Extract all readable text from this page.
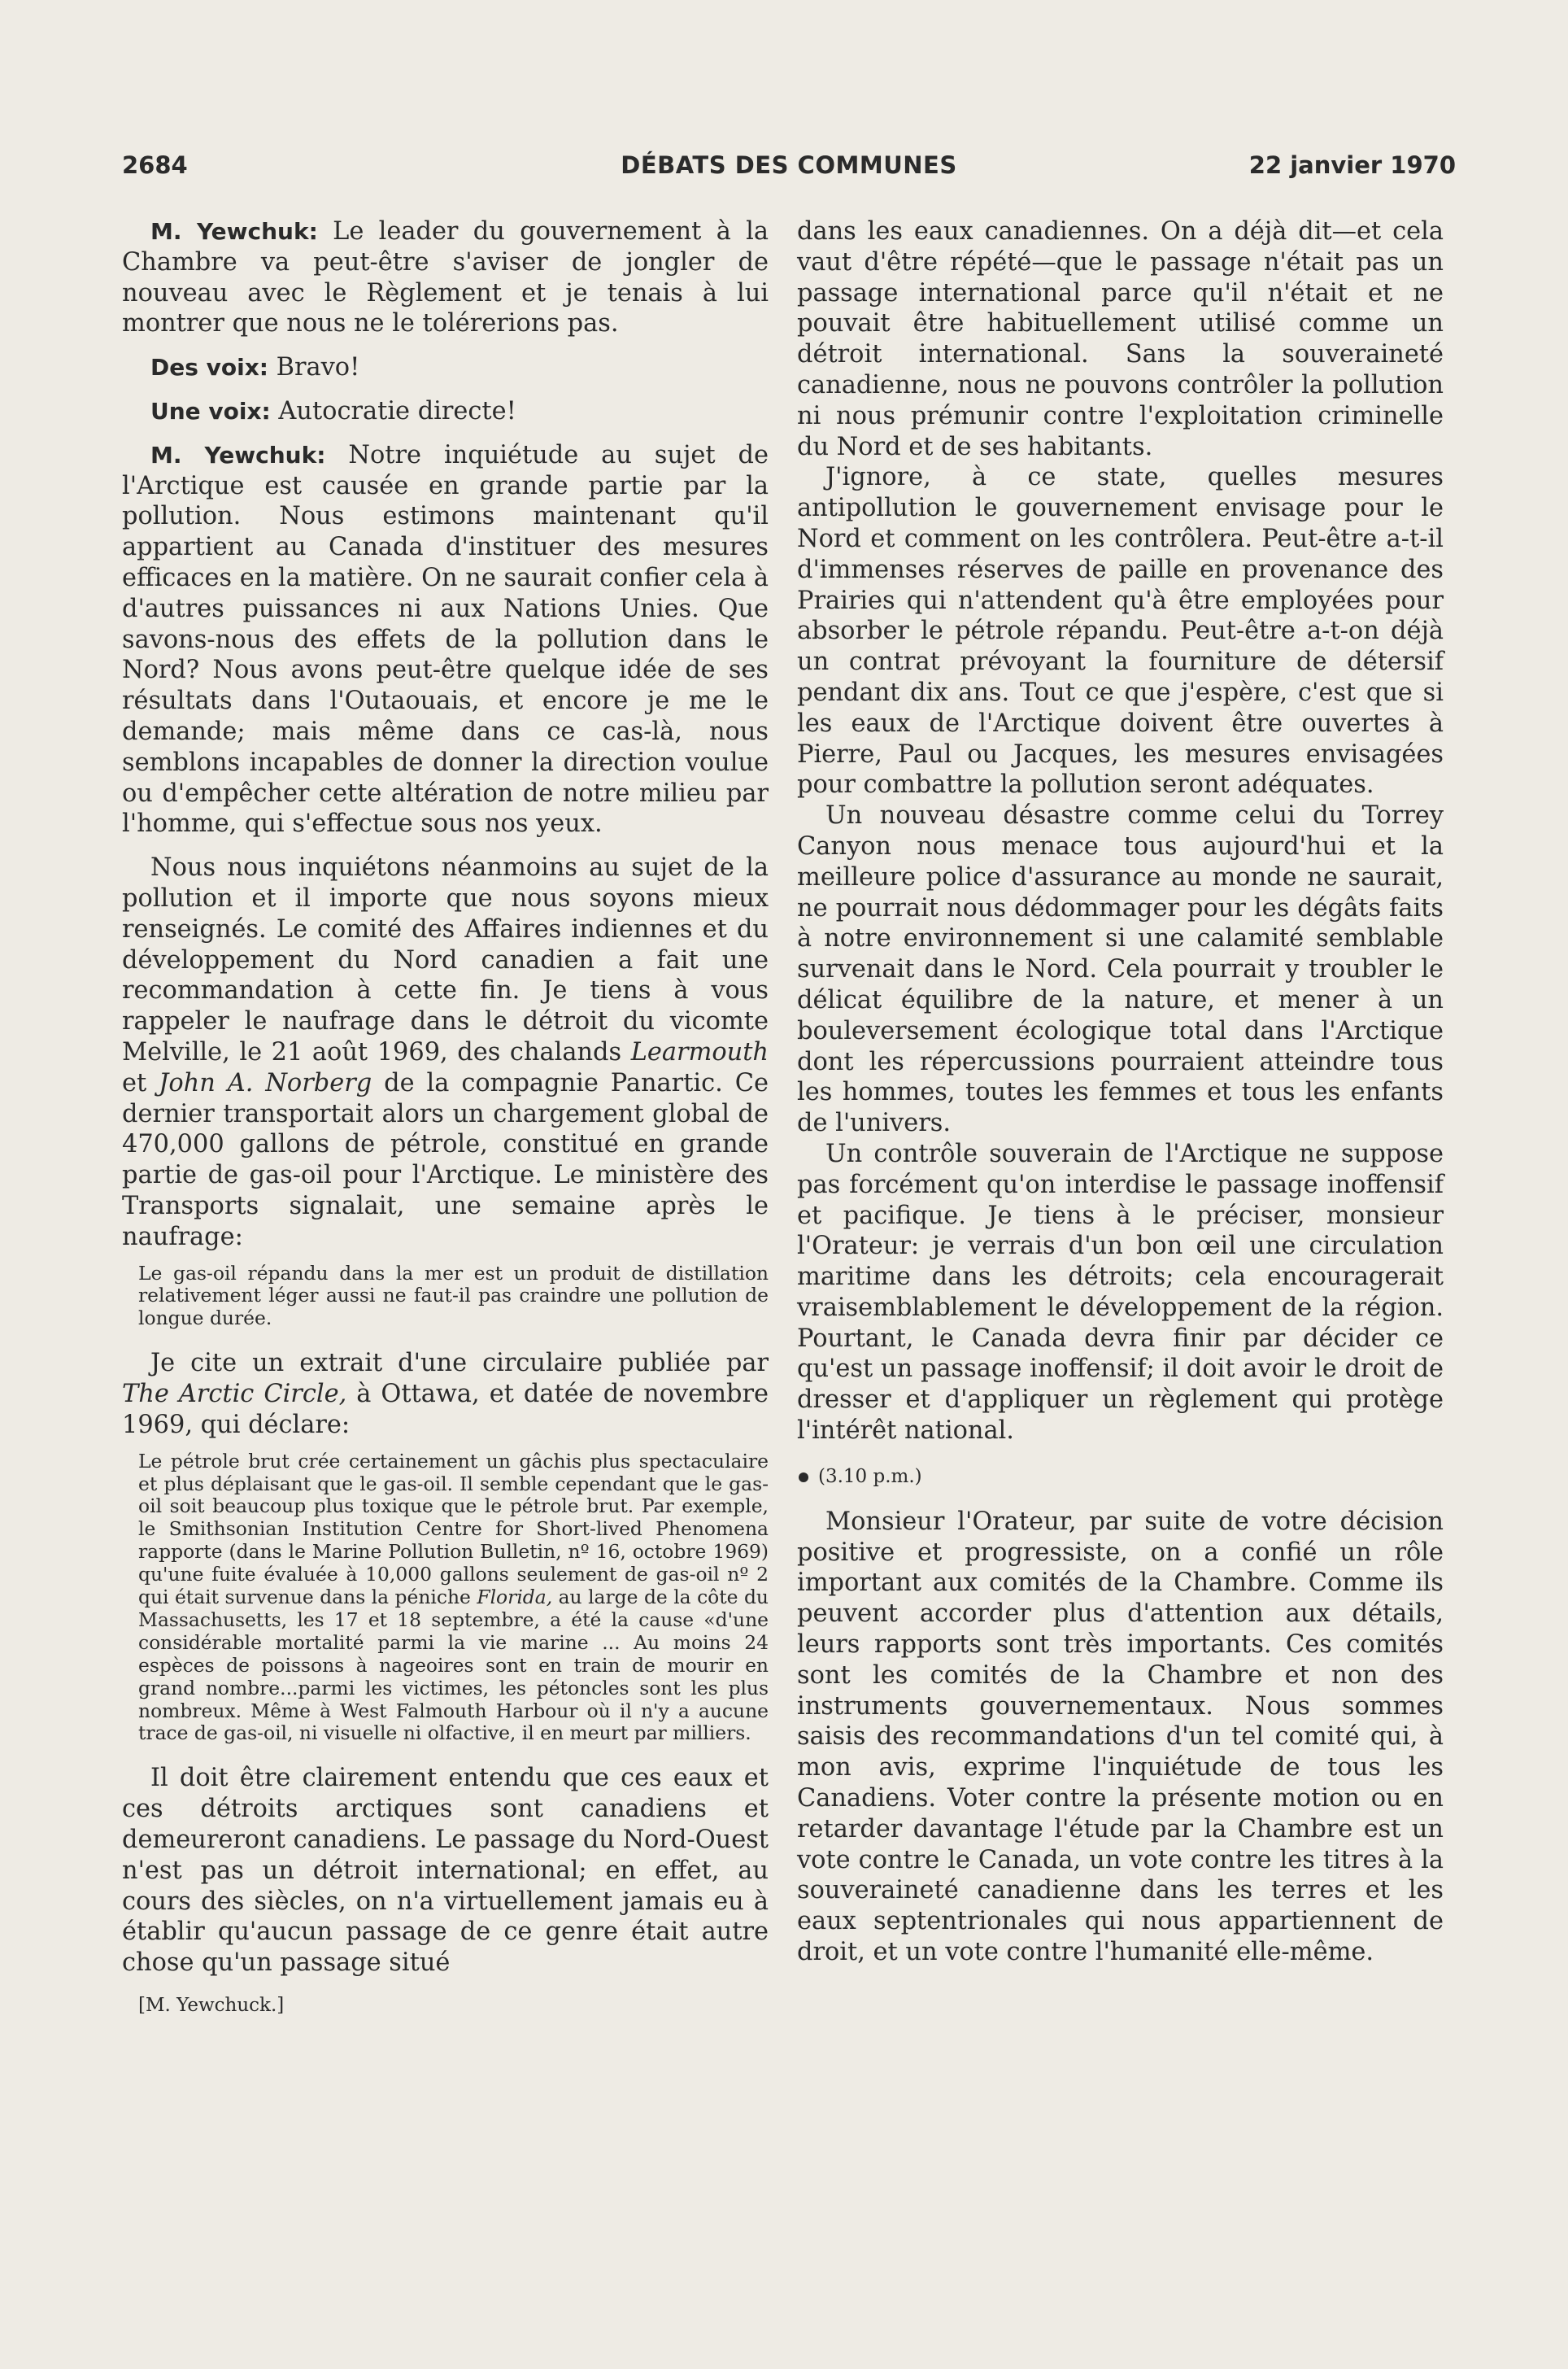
2684	DÉBATS DES COMMUNES	22 janvier 1970

M. Yewchuk: Le leader du gouvernement à la Chambre va peut-être s'aviser de jongler de nouveau avec le Règlement et je tenais à lui montrer que nous ne le tolérerions pas.

Des voix: Bravo!

Une voix: Autocratie directe!

M. Yewchuk: Notre inquiétude au sujet de l'Arctique est causée en grande partie par la pollution. Nous estimons maintenant qu'il appartient au Canada d'instituer des mesures efficaces en la matière. On ne saurait confier cela à d'autres puissances ni aux Nations Unies. Que savons-nous des effets de la pollution dans le Nord? Nous avons peut-être quelque idée de ses résultats dans l'Outaouais, et encore je me le demande; mais même dans ce cas-là, nous semblons incapables de donner la direction voulue ou d'empêcher cette altération de notre milieu par l'homme, qui s'effectue sous nos yeux.

Nous nous inquiétons néanmoins au sujet de la pollution et il importe que nous soyons mieux renseignés. Le comité des Affaires indiennes et du développement du Nord canadien a fait une recommandation à cette fin. Je tiens à vous rappeler le naufrage dans le détroit du vicomte Melville, le 21 août 1969, des chalands Learmouth et John A. Norberg de la compagnie Panartic. Ce dernier transportait alors un chargement global de 470,000 gallons de pétrole, constitué en grande partie de gas-oil pour l'Arctique. Le ministère des Transports signalait, une semaine après le naufrage:

Le gas-oil répandu dans la mer est un produit de distillation relativement léger aussi ne faut-il pas craindre une pollution de longue durée.

Je cite un extrait d'une circulaire publiée par The Arctic Circle, à Ottawa, et datée de novembre 1969, qui déclare:

Le pétrole brut crée certainement un gâchis plus spectaculaire et plus déplaisant que le gas-oil. Il semble cependant que le gas-oil soit beaucoup plus toxique que le pétrole brut. Par exemple, le Smithsonian Institution Centre for Short-lived Phenomena rapporte (dans le Marine Pollution Bulletin, nº 16, octobre 1969) qu'une fuite évaluée à 10,000 gallons seulement de gas-oil nº 2 qui était survenue dans la péniche Florida, au large de la côte du Massachusetts, les 17 et 18 septembre, a été la cause «d'une considérable mortalité parmi la vie marine ... Au moins 24 espèces de poissons à nageoires sont en train de mourir en grand nombre...parmi les victimes, les pétoncles sont les plus nombreux. Même à West Falmouth Harbour où il n'y a aucune trace de gas-oil, ni visuelle ni olfactive, il en meurt par milliers.

Il doit être clairement entendu que ces eaux et ces détroits arctiques sont canadiens et demeureront canadiens. Le passage du Nord-Ouest n'est pas un détroit international; en effet, au cours des siècles, on n'a virtuellement jamais eu à établir qu'aucun passage de ce genre était autre chose qu'un passage situé

[M. Yewchuck.]

dans les eaux canadiennes. On a déjà dit—et cela vaut d'être répété—que le passage n'était pas un passage international parce qu'il n'était et ne pouvait être habituellement utilisé comme un détroit international. Sans la souveraineté canadienne, nous ne pouvons contrôler la pollution ni nous prémunir contre l'exploitation criminelle du Nord et de ses habitants.

J'ignore, à ce state, quelles mesures antipollution le gouvernement envisage pour le Nord et comment on les contrôlera. Peut-être a-t-il d'immenses réserves de paille en provenance des Prairies qui n'attendent qu'à être employées pour absorber le pétrole répandu. Peut-être a-t-on déjà un contrat prévoyant la fourniture de détersif pendant dix ans. Tout ce que j'espère, c'est que si les eaux de l'Arctique doivent être ouvertes à Pierre, Paul ou Jacques, les mesures envisagées pour combattre la pollution seront adéquates.

Un nouveau désastre comme celui du Torrey Canyon nous menace tous aujourd'hui et la meilleure police d'assurance au monde ne saurait, ne pourrait nous dédommager pour les dégâts faits à notre environnement si une calamité semblable survenait dans le Nord. Cela pourrait y troubler le délicat équilibre de la nature, et mener à un bouleversement écologique total dans l'Arctique dont les répercussions pourraient atteindre tous les hommes, toutes les femmes et tous les enfants de l'univers.

Un contrôle souverain de l'Arctique ne suppose pas forcément qu'on interdise le passage inoffensif et pacifique. Je tiens à le préciser, monsieur l'Orateur: je verrais d'un bon œil une circulation maritime dans les détroits; cela encouragerait vraisemblablement le développement de la région. Pourtant, le Canada devra finir par décider ce qu'est un passage inoffensif; il doit avoir le droit de dresser et d'appliquer un règlement qui protège l'intérêt national.

(3.10 p.m.)

Monsieur l'Orateur, par suite de votre décision positive et progressiste, on a confié un rôle important aux comités de la Chambre. Comme ils peuvent accorder plus d'attention aux détails, leurs rapports sont très importants. Ces comités sont les comités de la Chambre et non des instruments gouvernementaux. Nous sommes saisis des recommandations d'un tel comité qui, à mon avis, exprime l'inquiétude de tous les Canadiens. Voter contre la présente motion ou en retarder davantage l'étude par la Chambre est un vote contre le Canada, un vote contre les titres à la souveraineté canadienne dans les terres et les eaux septentrionales qui nous appartiennent de droit, et un vote contre l'humanité elle-même.
